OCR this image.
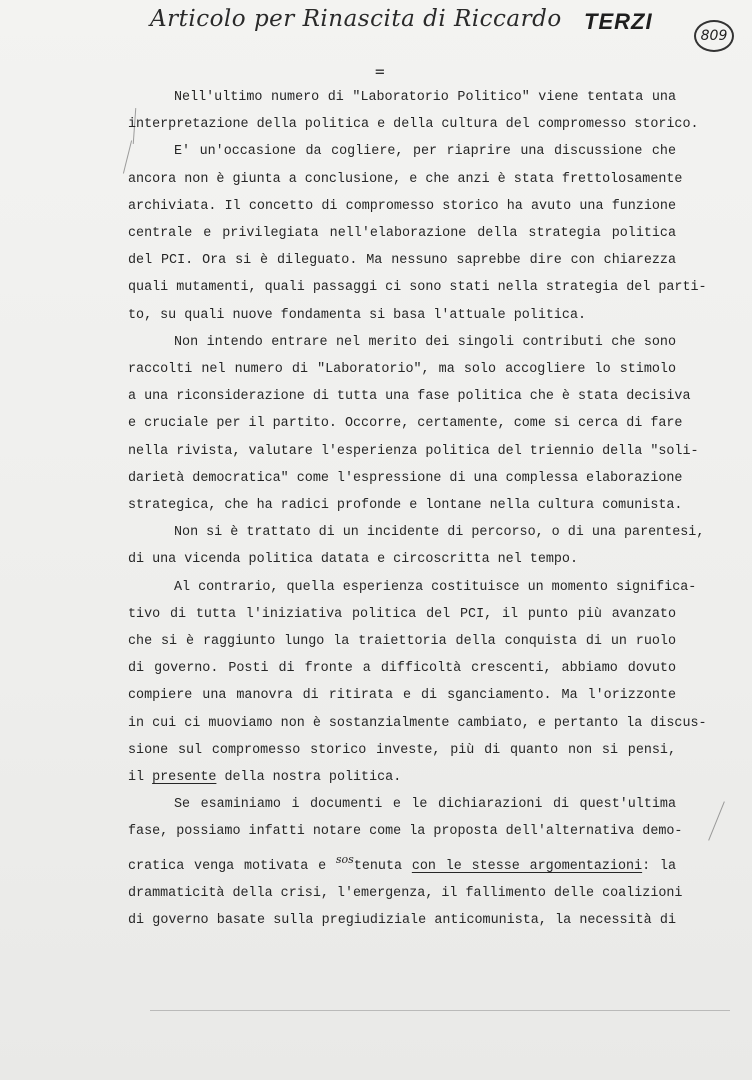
Articolo per Rinascita di Riccardo TERZI
809
=

Nell'ultimo numero di "Laboratorio Politico" viene tentata una
interpretazione della politica e della cultura del compromesso storico.

E' un'occasione da cogliere, per riaprire una discussione che
ancora non è giunta a conclusione, e che anzi è stata frettolosamente
archiviata. Il concetto di compromesso storico ha avuto una funzione
centrale e privilegiata nell'elaborazione della strategia politica
del PCI. Ora si è dileguato. Ma nessuno saprebbe dire con chiarezza
quali mutamenti, quali passaggi ci sono stati nella strategia del parti-
to, su quali nuove fondamenta si basa l'attuale politica.

Non intendo entrare nel merito dei singoli contributi che sono
raccolti nel numero di "Laboratorio", ma solo accogliere lo stimolo
a una riconsiderazione di tutta una fase politica che è stata decisiva
e cruciale per il partito. Occorre, certamente, come si cerca di fare
nella rivista, valutare l'esperienza politica del triennio della "soli-
darietà democratica" come l'espressione di una complessa elaborazione
strategica, che ha radici profonde e lontane nella cultura comunista.

Non si è trattato di un incidente di percorso, o di una parentesi,
di una vicenda politica datata e circoscritta nel tempo.

Al contrario, quella esperienza costituisce un momento significa-
tivo di tutta l'iniziativa politica del PCI, il punto più avanzato
che si è raggiunto lungo la traiettoria della conquista di un ruolo
di governo. Posti di fronte a difficoltà crescenti, abbiamo dovuto
compiere una manovra di ritirata e di sganciamento. Ma l'orizzonte
in cui ci muoviamo non è sostanzialmente cambiato, e pertanto la discus-
sione sul compromesso storico investe, più di quanto non si pensi,
il presente della nostra politica.

Se esaminiamo i documenti e le dichiarazioni di quest'ultima
fase, possiamo infatti notare come la proposta dell'alternativa demo-
cratica venga motivata e $^{sos}$tenuta con le stesse argomentazioni: la
drammaticità della crisi, l'emergenza, il fallimento delle coalizioni
di governo basate sulla pregiudiziale anticomunista, la necessità di
